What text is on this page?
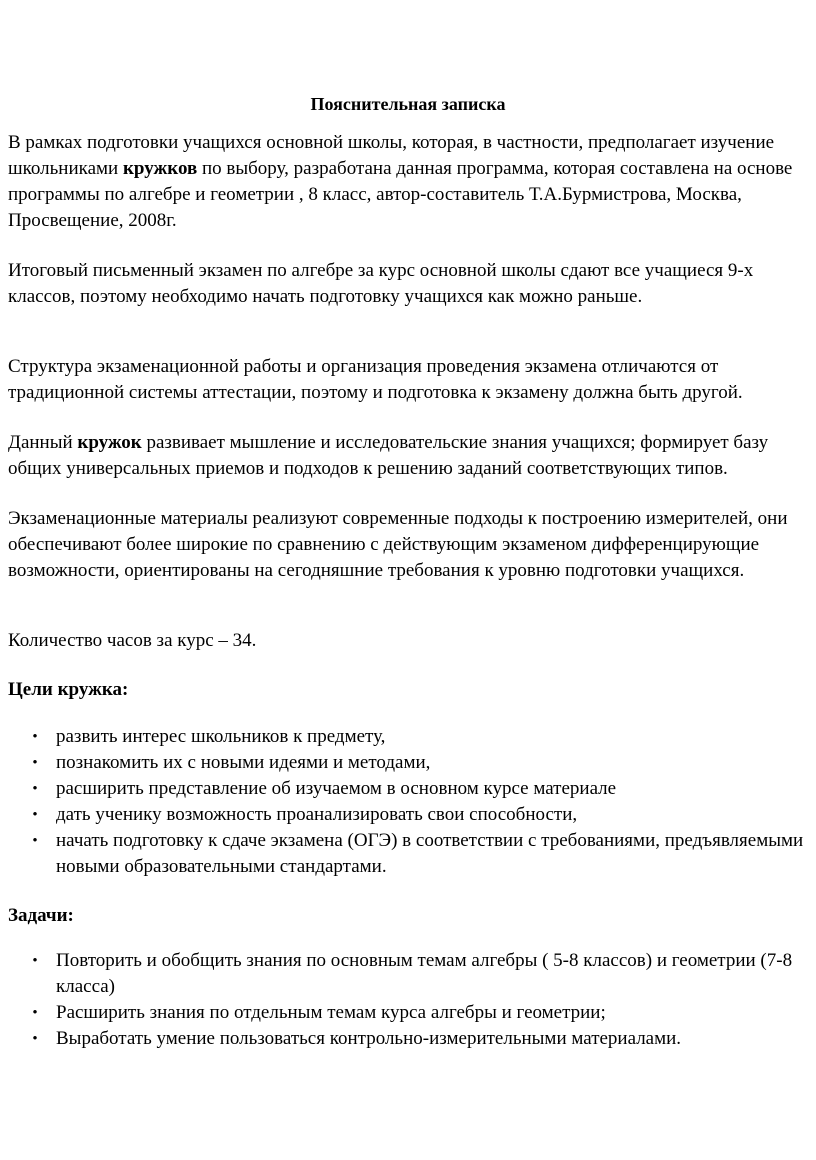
Пояснительная записка

В рамках подготовки учащихся основной школы, которая, в частности, предполагает изучение школьниками кружков по выбору, разработана данная программа, которая составлена на основе программы по алгебре и геометрии , 8 класс, автор-составитель Т.А.Бурмистрова, Москва, Просвещение, 2008г.

Итоговый письменный экзамен по алгебре за курс основной школы сдают все учащиеся 9-х классов, поэтому необходимо начать подготовку учащихся как можно раньше.

Структура экзаменационной работы и организация проведения экзамена отличаются от традиционной системы аттестации, поэтому и подготовка к экзамену должна быть другой.

Данный кружок развивает мышление и исследовательские знания учащихся; формирует базу общих универсальных приемов и подходов к решению заданий соответствующих типов.

Экзаменационные материалы реализуют современные подходы к построению измерителей, они обеспечивают более широкие по сравнению с действующим экзаменом дифференцирующие возможности, ориентированы на сегодняшние требования к уровню подготовки учащихся.

Количество часов за курс – 34.

Цели кружка:
• развить интерес школьников к предмету,
• познакомить их с новыми идеями и методами,
• расширить представление об изучаемом в основном курсе материале
• дать ученику возможность проанализировать свои способности,
• начать подготовку к сдаче экзамена (ОГЭ) в соответствии с требованиями, предъявляемыми новыми образовательными стандартами.
Задачи:
• Повторить и обобщить знания по основным темам алгебры ( 5-8 классов) и геометрии (7-8 класса)
• Расширить знания по отдельным темам курса алгебры и геометрии;
• Выработать умение пользоваться контрольно-измерительными материалами.
